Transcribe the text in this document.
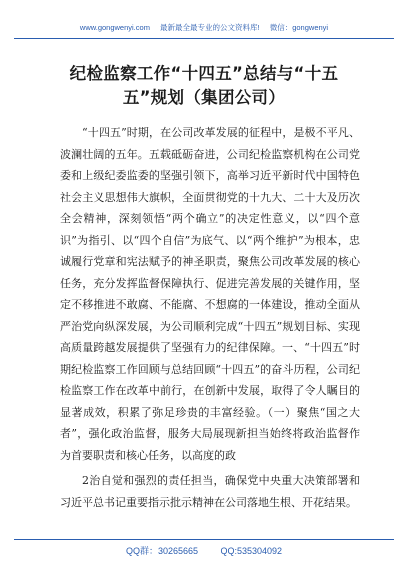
www.gongwenyi.com 最新最全最专业的公文资料库! 微信：gongwenyi
纪检监察工作“十四五”总结与“十五
五”规划（集团公司）

“十四五”时期，在公司改革发展的征程中，是极不平凡、波澜壮阔的五年。五载砥砺奋进，公司纪检监察机构在公司党委和上级纪委监委的坚强引领下，高举习近平新时代中国特色社会主义思想伟大旗帜，全面贯彻党的十九大、二十大及历次全会精神，深刻领悟“两个确立”的决定性意义，以“四个意识”为指引、以“四个自信”为底气、以“两个维护”为根本，忠诚履行党章和宪法赋予的神圣职责，聚焦公司改革发展的核心任务，充分发挥监督保障执行、促进完善发展的关键作用，坚定不移推进不敢腐、不能腐、不想腐的一体建设，推动全面从严治党向纵深发展，为公司顺利完成“十四五”规划目标、实现高质量跨越发展提供了坚强有力的纪律保障。一、“十四五”时期纪检监察工作回顾与总结回顾“十四五”的奋斗历程，公司纪检监察工作在改革中前行，在创新中发展，取得了令人瞩目的显著成效，积累了弥足珍贵的丰富经验。（一）聚焦“国之大者”，强化政治监督，服务大局展现新担当始终将政治监督作为首要职责和核心任务，以高度的政

2治自觉和强烈的责任担当，确保党中央重大决策部署和习近平总书记重要指示批示精神在公司落地生根、开花结果。

QQ群：30265665	QQ:535304092
